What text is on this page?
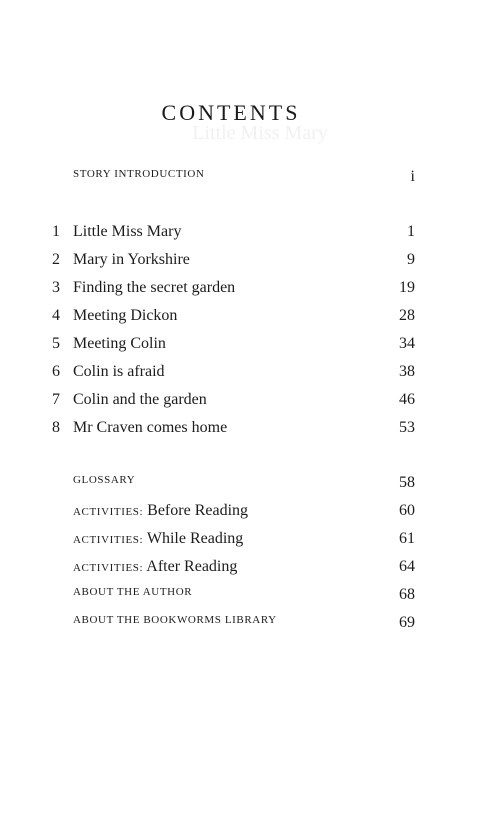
Little Miss Mary

CONTENTS
STORY INTRODUCTION	i
1 Little Miss Mary	1
2 Mary in Yorkshire	9
3 Finding the secret garden	19
4 Meeting Dickon	28
5 Meeting Colin	34
6 Colin is afraid	38
7 Colin and the garden	46
8 Mr Craven comes home	53
GLOSSARY	58
ACTIVITIES: Before Reading	60
ACTIVITIES: While Reading	61
ACTIVITIES: After Reading	64
ABOUT THE AUTHOR	68
ABOUT THE BOOKWORMS LIBRARY	69
